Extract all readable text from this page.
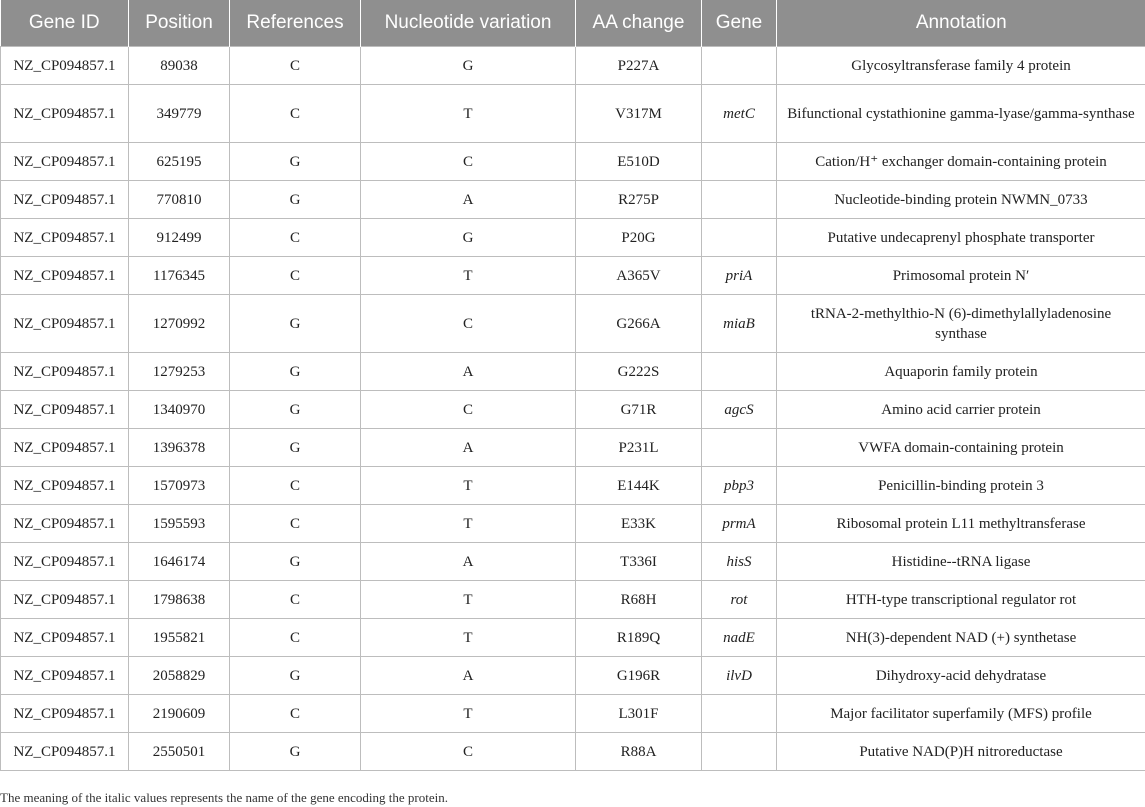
Gene ID	Position	References	Nucleotide variation	AA change	Gene	Annotation
NZ_CP094857.1	89038	C	G	P227A		Glycosyltransferase family 4 protein
NZ_CP094857.1	349779	C	T	V317M	metC	Bifunctional cystathionine gamma-lyase/gamma-synthase
NZ_CP094857.1	625195	G	C	E510D		Cation/H⁺ exchanger domain-containing protein
NZ_CP094857.1	770810	G	A	R275P		Nucleotide-binding protein NWMN_0733
NZ_CP094857.1	912499	C	G	P20G		Putative undecaprenyl phosphate transporter
NZ_CP094857.1	1176345	C	T	A365V	priA	Primosomal protein N′
NZ_CP094857.1	1270992	G	C	G266A	miaB	tRNA-2-methylthio-N (6)-dimethylallyladenosine synthase
NZ_CP094857.1	1279253	G	A	G222S		Aquaporin family protein
NZ_CP094857.1	1340970	G	C	G71R	agcS	Amino acid carrier protein
NZ_CP094857.1	1396378	G	A	P231L		VWFA domain-containing protein
NZ_CP094857.1	1570973	C	T	E144K	pbp3	Penicillin-binding protein 3
NZ_CP094857.1	1595593	C	T	E33K	prmA	Ribosomal protein L11 methyltransferase
NZ_CP094857.1	1646174	G	A	T336I	hisS	Histidine--tRNA ligase
NZ_CP094857.1	1798638	C	T	R68H	rot	HTH-type transcriptional regulator rot
NZ_CP094857.1	1955821	C	T	R189Q	nadE	NH(3)-dependent NAD (+) synthetase
NZ_CP094857.1	2058829	G	A	G196R	ilvD	Dihydroxy-acid dehydratase
NZ_CP094857.1	2190609	C	T	L301F		Major facilitator superfamily (MFS) profile
NZ_CP094857.1	2550501	G	C	R88A		Putative NAD(P)H nitroreductase
The meaning of the italic values represents the name of the gene encoding the protein.
